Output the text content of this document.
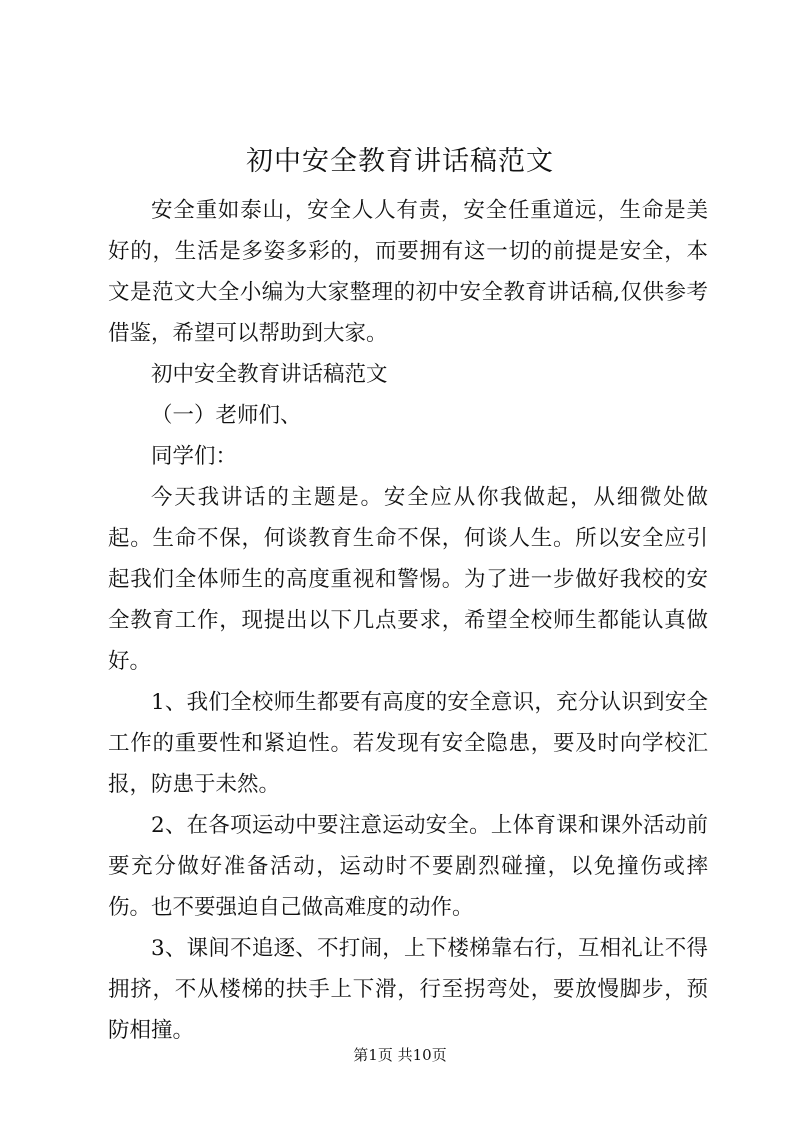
初中安全教育讲话稿范文

安全重如泰山，安全人人有责，安全任重道远，生命是美好的，生活是多姿多彩的，而要拥有这一切的前提是安全，本文是范文大全小编为大家整理的初中安全教育讲话稿,仅供参考借鉴，希望可以帮助到大家。

初中安全教育讲话稿范文

（一）老师们、

同学们：

今天我讲话的主题是。安全应从你我做起，从细微处做起。生命不保，何谈教育生命不保，何谈人生。所以安全应引起我们全体师生的高度重视和警惕。为了进一步做好我校的安全教育工作，现提出以下几点要求，希望全校师生都能认真做好。

1、我们全校师生都要有高度的安全意识，充分认识到安全工作的重要性和紧迫性。若发现有安全隐患，要及时向学校汇报，防患于未然。

2、在各项运动中要注意运动安全。上体育课和课外活动前要充分做好准备活动，运动时不要剧烈碰撞，以免撞伤或摔伤。也不要强迫自己做高难度的动作。

3、课间不追逐、不打闹，上下楼梯靠右行，互相礼让不得拥挤，不从楼梯的扶手上下滑，行至拐弯处，要放慢脚步，预防相撞。

第1页 共10页
